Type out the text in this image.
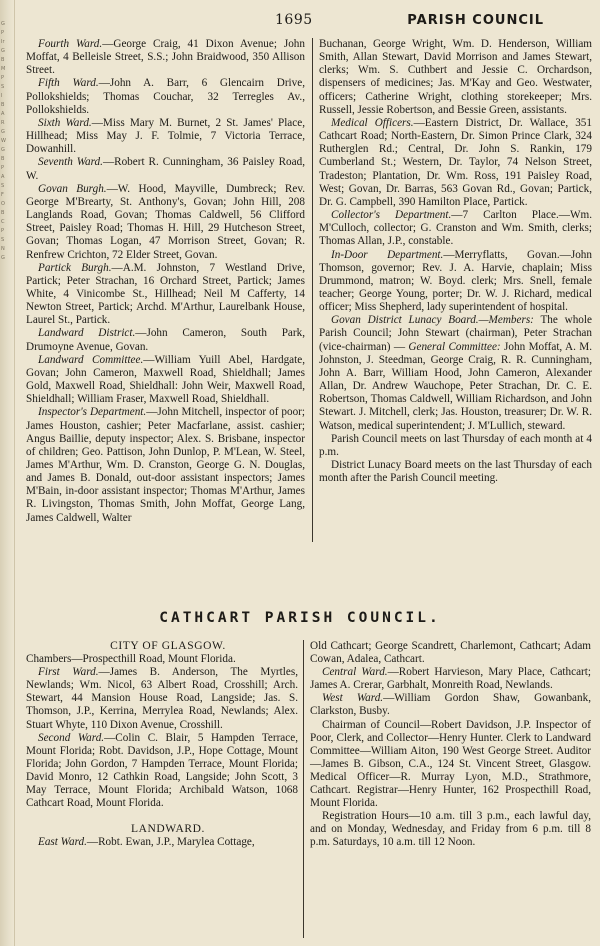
G
P
Ir
G
B
M
P
S
I
B
A
R
G
W
G
B
P
A
S
F
O
B
C
P
S
N
G
1695	PARISH COUNCIL

Fourth Ward.—George Craig, 41 Dixon Avenue; John Moffat, 4 Belleisle Street, S.S.; John Braidwood, 350 Allison Street.

Fifth Ward.—John A. Barr, 6 Glencairn Drive, Pollokshields; Thomas Couchar, 32 Terregles Av., Pollokshields.

Sixth Ward.—Miss Mary M. Burnet, 2 St. James' Place, Hillhead; Miss May J. F. Tolmie, 7 Victoria Terrace, Dowanhill.

Seventh Ward.—Robert R. Cunningham, 36 Paisley Road, W.

Govan Burgh.—W. Hood, Mayville, Dumbreck; Rev. George M'Brearty, St. Anthony's, Govan; John Hill, 208 Langlands Road, Govan; Thomas Caldwell, 56 Clifford Street, Paisley Road; Thomas H. Hill, 29 Hutcheson Street, Govan; Thomas Logan, 47 Morrison Street, Govan; R. Renfrew Crichton, 72 Elder Street, Govan.

Partick Burgh.—A.M. Johnston, 7 Westland Drive, Partick; Peter Strachan, 16 Orchard Street, Partick; James White, 4 Vinicombe St., Hillhead; Neil M Cafferty, 14 Newton Street, Partick; Archd. M'Arthur, Laurelbank House, Laurel St., Partick.

Landward District.—John Cameron, South Park, Drumoyne Avenue, Govan.

Landward Committee.—William Yuill Abel, Hardgate, Govan; John Cameron, Maxwell Road, Shieldhall; James Gold, Maxwell Road, Shieldhall: John Weir, Maxwell Road, Shieldhall; William Fraser, Maxwell Road, Shieldhall.

Inspector's Department.—John Mitchell, inspector of poor; James Houston, cashier; Peter Macfarlane, assist. cashier; Angus Baillie, deputy inspector; Alex. S. Brisbane, inspector of children; Geo. Pattison, John Dunlop, P. M'Lean, W. Steel, James M'Arthur, Wm. D. Cranston, George G. N. Douglas, and James B. Donald, out-door assistant inspectors; James M'Bain, in-door assistant inspector; Thomas M'Arthur, James R. Livingston, Thomas Smith, John Moffat, George Lang, James Caldwell, Walter

Buchanan, George Wright, Wm. D. Henderson, William Smith, Allan Stewart, David Morrison and James Stewart, clerks; Wm. S. Cuthbert and Jessie C. Orchardson, dispensers of medicines; Jas. M'Kay and Geo. Westwater, officers; Catherine Wright, clothing storekeeper; Mrs. Russell, Jessie Robertson, and Bessie Green, assistants.

Medical Officers.—Eastern District, Dr. Wallace, 351 Cathcart Road; North-Eastern, Dr. Simon Prince Clark, 324 Rutherglen Rd.; Central, Dr. John S. Rankin, 179 Cumberland St.; Western, Dr. Taylor, 74 Nelson Street, Tradeston; Plantation, Dr. Wm. Ross, 191 Paisley Road, West; Govan, Dr. Barras, 563 Govan Rd., Govan; Partick, Dr. G. Campbell, 390 Hamilton Place, Partick.

Collector's Department.—7 Carlton Place.—Wm. M'Culloch, collector; G. Cranston and Wm. Smith, clerks; Thomas Allan, J.P., constable.

In-Door Department.—Merryflatts, Govan.—John Thomson, governor; Rev. J. A. Harvie, chaplain; Miss Drummond, matron; W. Boyd. clerk; Mrs. Snell, female teacher; George Young, porter; Dr. W. J. Richard, medical officer; Miss Shepherd, lady superintendent of hospital.

Govan District Lunacy Board.—Members: The whole Parish Council; John Stewart (chairman), Peter Strachan (vice-chairman) — General Committee: John Moffat, A. M. Johnston, J. Steedman, George Craig, R. R. Cunningham, John A. Barr, William Hood, John Cameron, Alexander Allan, Dr. Andrew Wauchope, Peter Strachan, Dr. C. E. Robertson, Thomas Caldwell, William Richardson, and John Stewart. J. Mitchell, clerk; Jas. Houston, treasurer; Dr. W. R. Watson, medical superintendent; J. M'Lullich, steward.

Parish Council meets on last Thursday of each month at 4 p.m.

District Lunacy Board meets on the last Thursday of each month after the Parish Council meeting.

CATHCART PARISH COUNCIL.

CITY OF GLASGOW.

Chambers—Prospecthill Road, Mount Florida.

First Ward.—James B. Anderson, The Myrtles, Newlands; Wm. Nicol, 63 Albert Road, Crosshill; Arch. Stewart, 44 Mansion House Road, Langside; Jas. S. Thomson, J.P., Kerrina, Merrylea Road, Newlands; Alex. Stuart Whyte, 110 Dixon Avenue, Crosshill.

Second Ward.—Colin C. Blair, 5 Hampden Terrace, Mount Florida; Robt. Davidson, J.P., Hope Cottage, Mount Florida; John Gordon, 7 Hampden Terrace, Mount Florida; David Monro, 12 Cathkin Road, Langside; John Scott, 3 May Terrace, Mount Florida; Archibald Watson, 1068 Cathcart Road, Mount Florida.

LANDWARD.

East Ward.—Robt. Ewan, J.P., Marylea Cottage,

Old Cathcart; George Scandrett, Charlemont, Cathcart; Adam Cowan, Adalea, Cathcart.

Central Ward.—Robert Harvieson, Mary Place, Cathcart; James A. Crerar, Garbhalt, Monreith Road, Newlands.

West Ward.—William Gordon Shaw, Gowanbank, Clarkston, Busby.

Chairman of Council—Robert Davidson, J.P. Inspector of Poor, Clerk, and Collector—Henry Hunter. Clerk to Landward Committee—William Aiton, 190 West George Street. Auditor—James B. Gibson, C.A., 124 St. Vincent Street, Glasgow. Medical Officer—R. Murray Lyon, M.D., Strathmore, Cathcart. Registrar—Henry Hunter, 162 Prospecthill Road, Mount Florida.

Registration Hours—10 a.m. till 3 p.m., each lawful day, and on Monday, Wednesday, and Friday from 6 p.m. till 8 p.m. Saturdays, 10 a.m. till 12 Noon.
